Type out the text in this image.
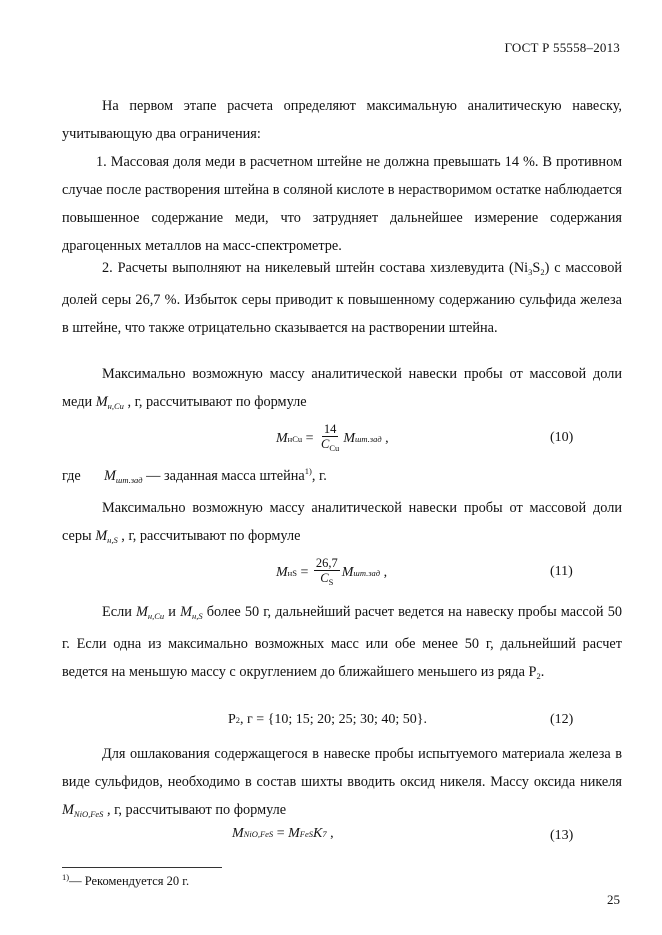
ГОСТ Р 55558–2013

На первом этапе расчета определяют максимальную аналитическую навеску, учитывающую два ограничения:

1. Массовая доля меди в расчетном штейне не должна превышать 14 %. В противном случае после растворения штейна в соляной кислоте в нерастворимом остатке наблюдается повышенное содержание меди, что затрудняет дальнейшее измерение содержания драгоценных металлов на масс-спектрометре.

2. Расчеты выполняют на никелевый штейн состава хизлевудита $(Ni_3S_2)$ с массовой долей серы 26,7 %. Избыток серы приводит к повышенному содержанию сульфида железа в штейне, что также отрицательно сказывается на растворении штейна.

Максимально возможную массу аналитической навески пробы от массовой доли меди $M_{н,Cu}$ , г, рассчитывают по формуле

M нCu = $\frac{14}{C_{Cu}}$ M шт.зад ,	(10)
где $M_{шт.зад}$ — заданная масса штейна$^{1)}$, г.

Максимально возможную массу аналитической навески пробы от массовой доли серы $M_{н,S}$ , г, рассчитывают по формуле

M нS = $\frac{26,7}{C_S}$ M шт.зад ,	(11)

Если $M_{н,Cu}$ и $M_{н,S}$ более 50 г, дальнейший расчет ведется на навеску пробы массой 50 г. Если одна из максимально возможных масс или обе менее 50 г, дальнейший расчет ведется на меньшую массу с округлением до ближайшего меньшего из ряда $Р_2$.

Р 2 , г = {10; 15; 20; 25; 30; 40; 50}.	(12)

Для ошлакования содержащегося в навеске пробы испытуемого материала железа в виде сульфидов, необходимо в состав шихты вводить оксид никеля. Массу оксида никеля $M_{NiO,FeS}$ , г, рассчитывают по формуле

M NiO,FeS = M FeS K 7 ,	(13)
$^{1)}$— Рекомендуется 20 г.
25
